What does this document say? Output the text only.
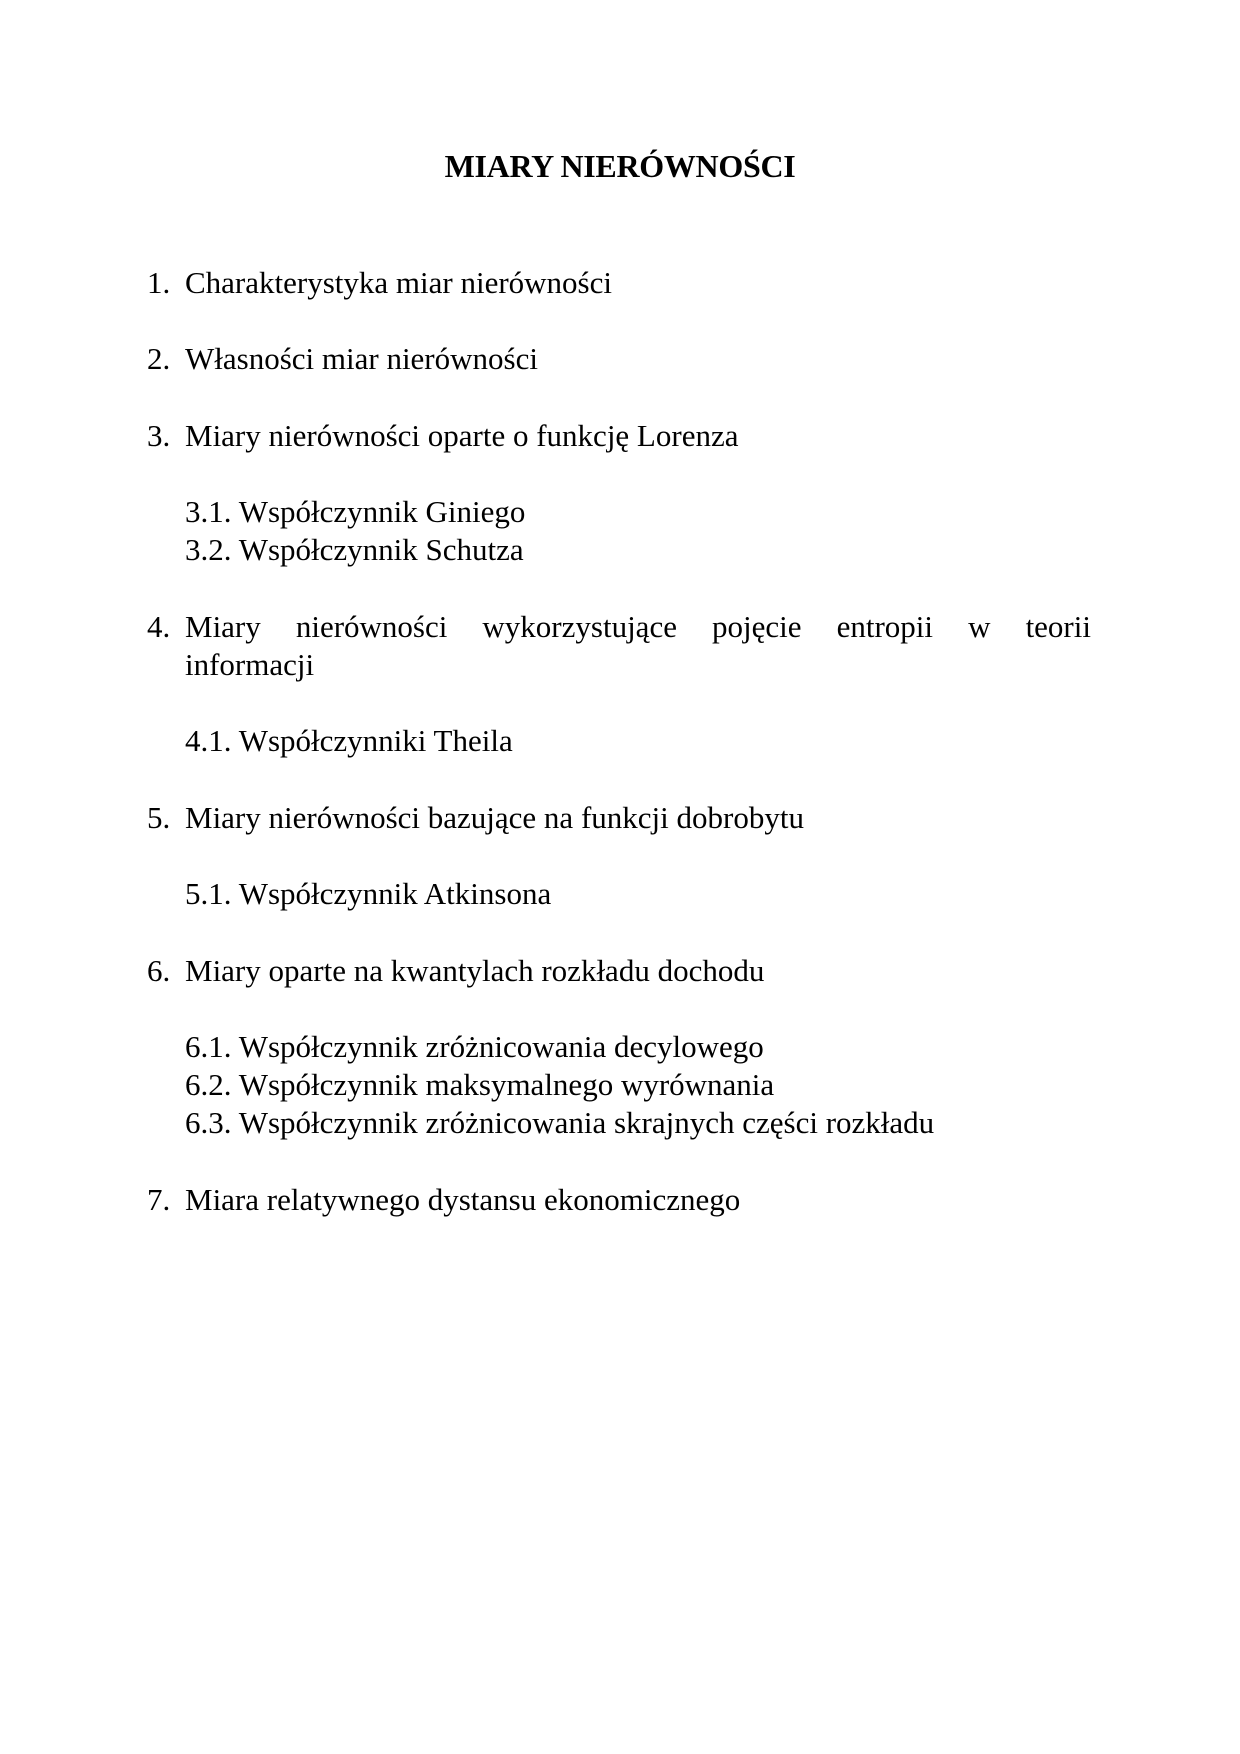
MIARY NIERÓWNOŚCI
1. Charakterystyka miar nierówności
2. Własności miar nierówności
3. Miary nierówności oparte o funkcję Lorenza
3.1. Współczynnik Giniego
3.2. Współczynnik Schutza
4. Miary nierówności wykorzystujące pojęcie entropii w teorii
informacji
4.1. Współczynniki Theila
5. Miary nierówności bazujące na funkcji dobrobytu
5.1. Współczynnik Atkinsona
6. Miary oparte na kwantylach rozkładu dochodu
6.1. Współczynnik zróżnicowania decylowego
6.2. Współczynnik maksymalnego wyrównania
6.3. Współczynnik zróżnicowania skrajnych części rozkładu
7. Miara relatywnego dystansu ekonomicznego
